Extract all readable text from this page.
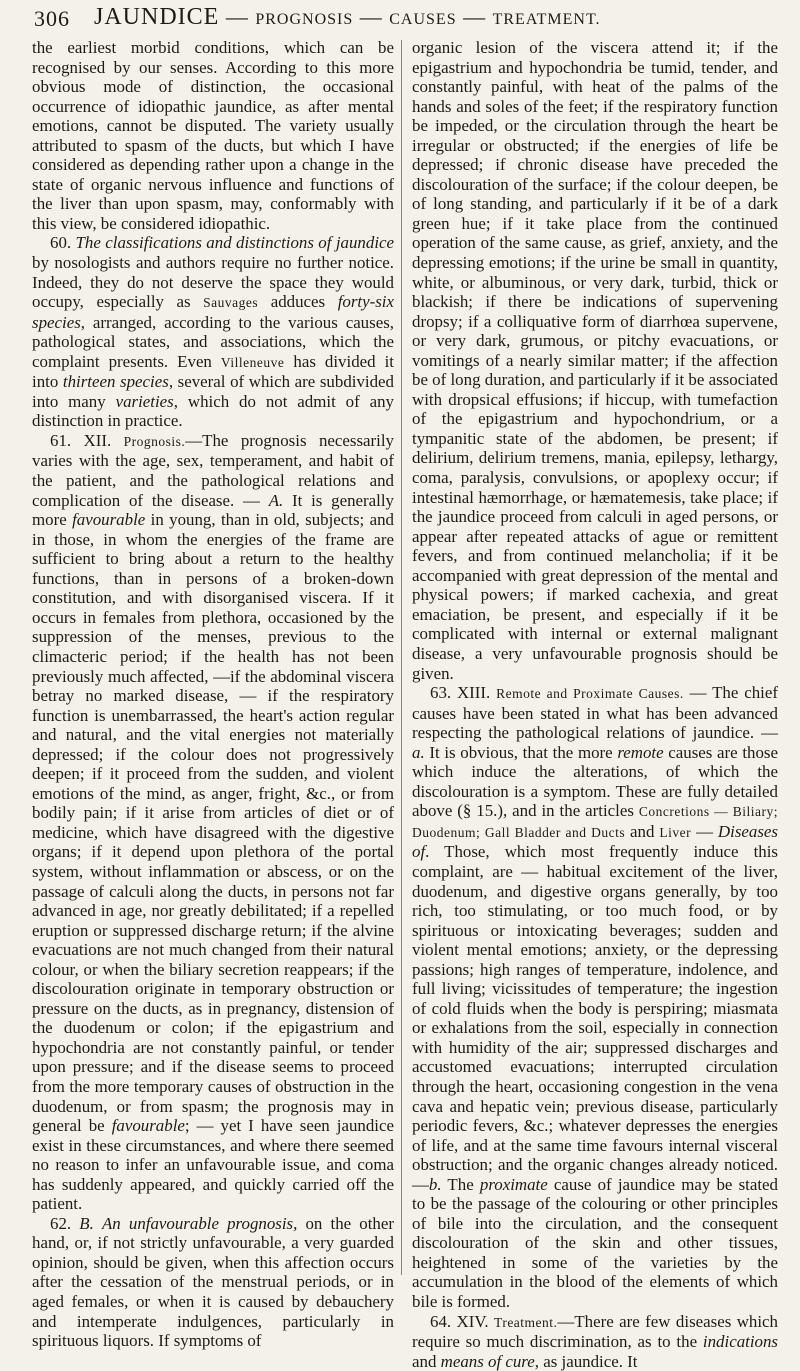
306	JAUNDICE — PROGNOSIS — CAUSES — TREATMENT.

the earliest morbid conditions, which can be recognised by our senses. According to this more obvious mode of distinction, the occasional occurrence of idiopathic jaundice, as after mental emotions, cannot be disputed. The variety usually attributed to spasm of the ducts, but which I have considered as depending rather upon a change in the state of organic nervous influence and functions of the liver than upon spasm, may, conformably with this view, be considered idiopathic.

60. The classifications and distinctions of jaundice by nosologists and authors require no further notice. Indeed, they do not deserve the space they would occupy, especially as Sauvages adduces forty-six species, arranged, according to the various causes, pathological states, and associations, which the complaint presents. Even Villeneuve has divided it into thirteen species, several of which are subdivided into many varieties, which do not admit of any distinction in practice.

61. XII. Prognosis.—The prognosis necessarily varies with the age, sex, temperament, and habit of the patient, and the pathological relations and complication of the disease. — A. It is generally more favourable in young, than in old, subjects; and in those, in whom the energies of the frame are sufficient to bring about a return to the healthy functions, than in persons of a broken-down constitution, and with disorganised viscera. If it occurs in females from plethora, occasioned by the suppression of the menses, previous to the climacteric period; if the health has not been previously much affected, —if the abdominal viscera betray no marked disease, — if the respiratory function is unembarrassed, the heart's action regular and natural, and the vital energies not materially depressed; if the colour does not progressively deepen; if it proceed from the sudden, and violent emotions of the mind, as anger, fright, &c., or from bodily pain; if it arise from articles of diet or of medicine, which have disagreed with the digestive organs; if it depend upon plethora of the portal system, without inflammation or abscess, or on the passage of calculi along the ducts, in persons not far advanced in age, nor greatly debilitated; if a repelled eruption or suppressed discharge return; if the alvine evacuations are not much changed from their natural colour, or when the biliary secretion reappears; if the discolouration originate in temporary obstruction or pressure on the ducts, as in pregnancy, distension of the duodenum or colon; if the epigastrium and hypochondria are not constantly painful, or tender upon pressure; and if the disease seems to proceed from the more temporary causes of obstruction in the duodenum, or from spasm; the prognosis may in general be favourable; — yet I have seen jaundice exist in these circumstances, and where there seemed no reason to infer an unfavourable issue, and coma has suddenly appeared, and quickly carried off the patient.

62. B. An unfavourable prognosis, on the other hand, or, if not strictly unfavourable, a very guarded opinion, should be given, when this affection occurs after the cessation of the menstrual periods, or in aged females, or when it is caused by debauchery and intemperate indulgences, particularly in spirituous liquors. If symptoms of

organic lesion of the viscera attend it; if the epigastrium and hypochondria be tumid, tender, and constantly painful, with heat of the palms of the hands and soles of the feet; if the respiratory function be impeded, or the circulation through the heart be irregular or obstructed; if the energies of life be depressed; if chronic disease have preceded the discolouration of the surface; if the colour deepen, be of long standing, and particularly if it be of a dark green hue; if it take place from the continued operation of the same cause, as grief, anxiety, and the depressing emotions; if the urine be small in quantity, white, or albuminous, or very dark, turbid, thick or blackish; if there be indications of supervening dropsy; if a colliquative form of diarrhœa supervene, or very dark, grumous, or pitchy evacuations, or vomitings of a nearly similar matter; if the affection be of long duration, and particularly if it be associated with dropsical effusions; if hiccup, with tumefaction of the epigastrium and hypochondrium, or a tympanitic state of the abdomen, be present; if delirium, delirium tremens, mania, epilepsy, lethargy, coma, paralysis, convulsions, or apoplexy occur; if intestinal hæmorrhage, or hæmatemesis, take place; if the jaundice proceed from calculi in aged persons, or appear after repeated attacks of ague or remittent fevers, and from continued melancholia; if it be accompanied with great depression of the mental and physical powers; if marked cachexia, and great emaciation, be present, and especially if it be complicated with internal or external malignant disease, a very unfavourable prognosis should be given.

63. XIII. Remote and Proximate Causes. — The chief causes have been stated in what has been advanced respecting the pathological relations of jaundice. — a. It is obvious, that the more remote causes are those which induce the alterations, of which the discolouration is a symptom. These are fully detailed above (§ 15.), and in the articles Concretions — Biliary; Duodenum; Gall Bladder and Ducts and Liver — Diseases of. Those, which most frequently induce this complaint, are — habitual excitement of the liver, duodenum, and digestive organs generally, by too rich, too stimulating, or too much food, or by spirituous or intoxicating beverages; sudden and violent mental emotions; anxiety, or the depressing passions; high ranges of temperature, indolence, and full living; vicissitudes of temperature; the ingestion of cold fluids when the body is perspiring; miasmata or exhalations from the soil, especially in connection with humidity of the air; suppressed discharges and accustomed evacuations; interrupted circulation through the heart, occasioning congestion in the vena cava and hepatic vein; previous disease, particularly periodic fevers, &c.; whatever depresses the energies of life, and at the same time favours internal visceral obstruction; and the organic changes already noticed.—b. The proximate cause of jaundice may be stated to be the passage of the colouring or other principles of bile into the circulation, and the consequent discolouration of the skin and other tissues, heightened in some of the varieties by the accumulation in the blood of the elements of which bile is formed.

64. XIV. Treatment.—There are few diseases which require so much discrimination, as to the indications and means of cure, as jaundice. It
